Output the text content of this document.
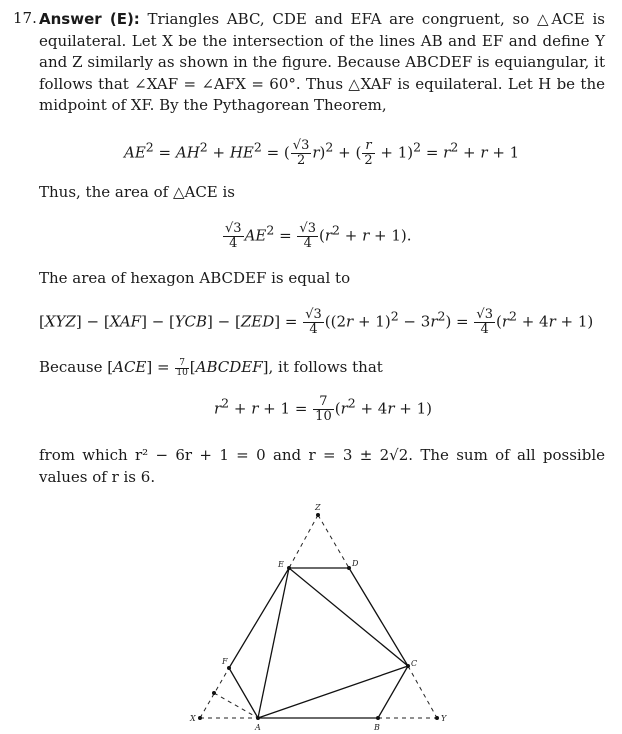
17. Answer (E): Triangles ABC, CDE and EFA are congruent, so △ACE is equilateral. Let X be the intersection of the lines AB and EF and define Y and Z similarly as shown in the figure. Because ABCDEF is equiangular, it follows that ∠XAF = ∠AFX = 60°. Thus △XAF is equilateral. Let H be the midpoint of XF. By the Pythagorean Theorem,
$AE^2 = AH^2 + HE^2$ = ( $\frac{√3}{2} r)^2$ + ( $\frac{r}{2} + 1)^2 = r^2 + r + 1$
Thus, the area of △ACE is
$\frac{√3}{4} AE^2 = \frac{√3}{4} (r^2 + r + 1)$.
The area of hexagon ABCDEF is equal to
$[XYZ] - [XAF] - [YCB] - [ZED] = \frac{√3}{4} ((2r + 1)^2 - 3r^2) = \frac{√3}{4} (r^2 + 4r + 1)$
Because $[ACE] = \frac{7}{10}$ [ABCDEF], it follows that
$r^2 + r + 1 = \frac{7}{10} (r^2 + 4r + 1)$
from which r² − 6r + 1 = 0 and r = 3 ± 2√2. The sum of all possible values of r is 6.
X	Y
Z
A	B
C
D
E
F
